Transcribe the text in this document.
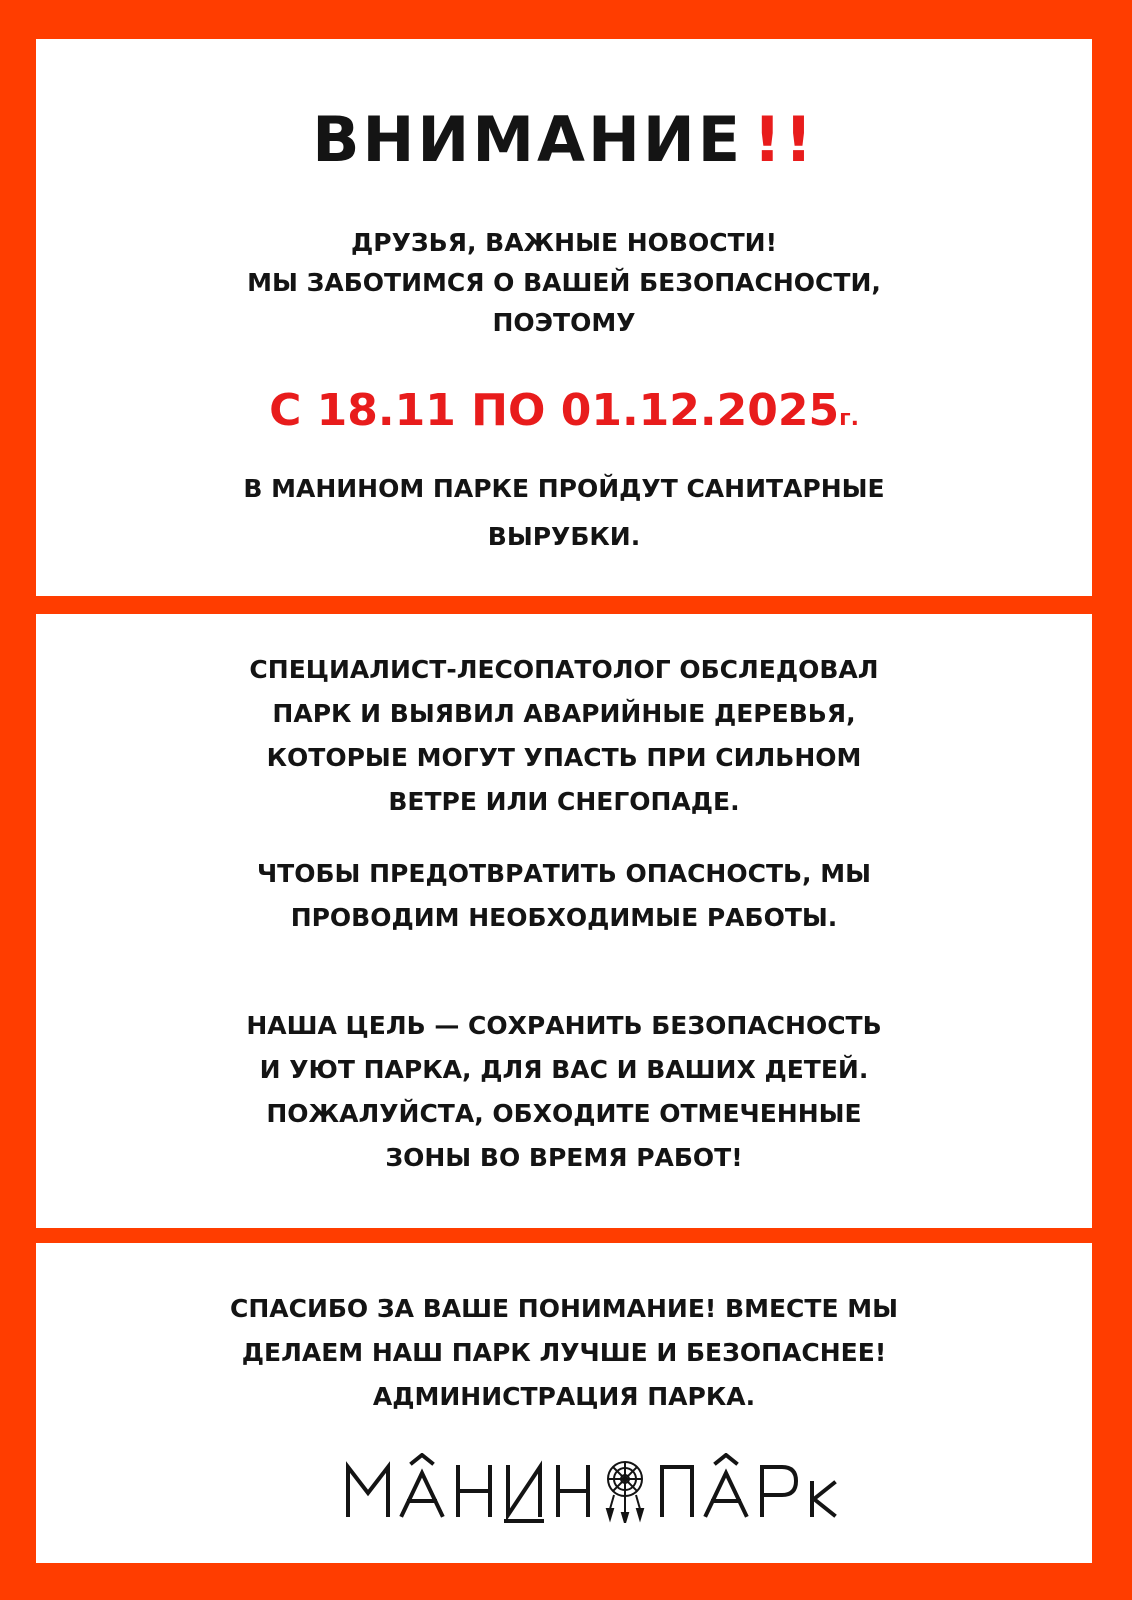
ВНИМАНИЕ !!
ДРУЗЬЯ, ВАЖНЫЕ НОВОСТИ!
МЫ ЗАБОТИМСЯ О ВАШЕЙ БЕЗОПАСНОСТИ,
ПОЭТОМУ
С 18.11 ПО 01.12.2025г.
В МАНИНОМ ПАРКЕ ПРОЙДУТ САНИТАРНЫЕ
ВЫРУБКИ.
СПЕЦИАЛИСТ-ЛЕСОПАТОЛОГ ОБСЛЕДОВАЛ
ПАРК И ВЫЯВИЛ АВАРИЙНЫЕ ДЕРЕВЬЯ,
КОТОРЫЕ МОГУТ УПАСТЬ ПРИ СИЛЬНОМ
ВЕТРЕ ИЛИ СНЕГОПАДЕ.
ЧТОБЫ ПРЕДОТВРАТИТЬ ОПАСНОСТЬ, МЫ
ПРОВОДИМ НЕОБХОДИМЫЕ РАБОТЫ.
НАША ЦЕЛЬ — СОХРАНИТЬ БЕЗОПАСНОСТЬ
И УЮТ ПАРКА, ДЛЯ ВАС И ВАШИХ ДЕТЕЙ.
ПОЖАЛУЙСТА, ОБХОДИТЕ ОТМЕЧЕННЫЕ
ЗОНЫ ВО ВРЕМЯ РАБОТ!
СПАСИБО ЗА ВАШЕ ПОНИМАНИЕ! ВМЕСТЕ МЫ
ДЕЛАЕМ НАШ ПАРК ЛУЧШЕ И БЕЗОПАСНЕЕ!
АДМИНИСТРАЦИЯ ПАРКА.
